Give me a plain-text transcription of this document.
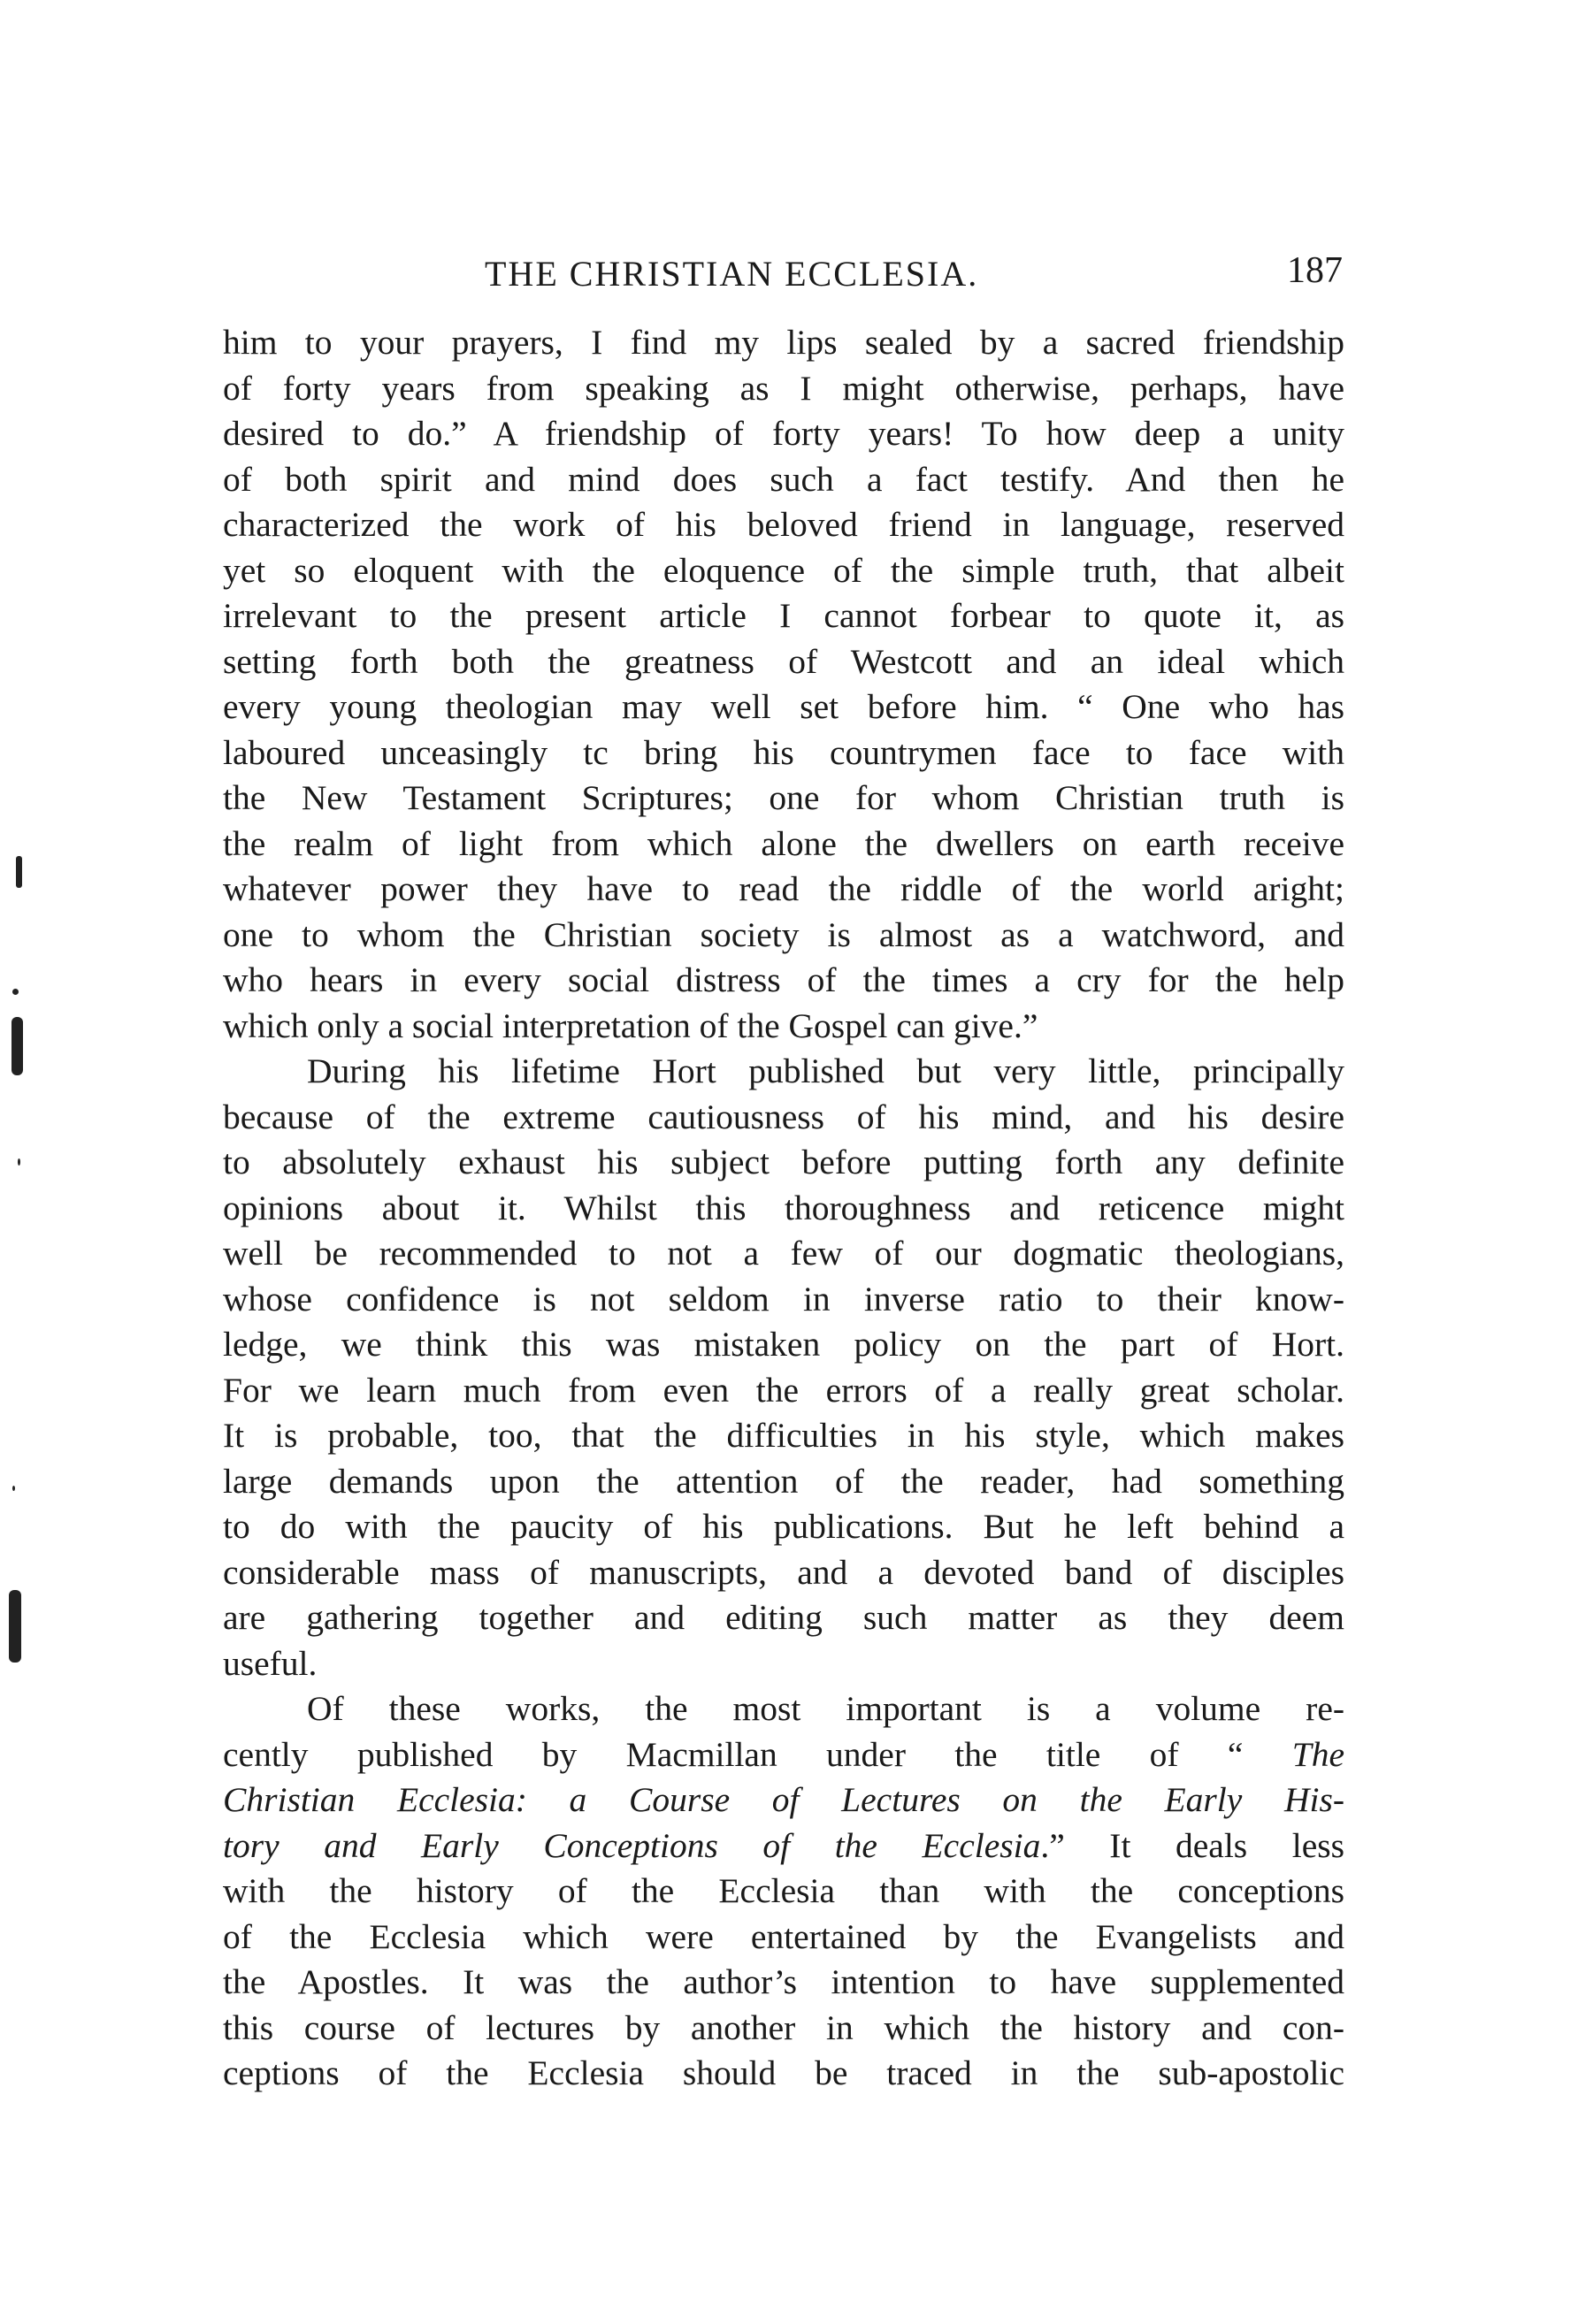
THE CHRISTIAN ECCLESIA.	187
him to your prayers, I find my lips sealed by a sacred friendship
of forty years from speaking as I might otherwise, perhaps, have
desired to do.” A friendship of forty years! To how deep a unity
of both spirit and mind does such a fact testify. And then he
characterized the work of his beloved friend in language, reserved
yet so eloquent with the eloquence of the simple truth, that albeit
irrelevant to the present article I cannot forbear to quote it, as
setting forth both the greatness of Westcott and an ideal which
every young theologian may well set before him. “ One who has
laboured unceasingly tc bring his countrymen face to face with
the New Testament Scriptures; one for whom Christian truth is
the realm of light from which alone the dwellers on earth receive
whatever power they have to read the riddle of the world aright;
one to whom the Christian society is almost as a watchword, and
who hears in every social distress of the times a cry for the help
which only a social interpretation of the Gospel can give.”
During his lifetime Hort published but very little, principally
because of the extreme cautiousness of his mind, and his desire
to absolutely exhaust his subject before putting forth any definite
opinions about it. Whilst this thoroughness and reticence might
well be recommended to not a few of our dogmatic theologians,
whose confidence is not seldom in inverse ratio to their know-
ledge, we think this was mistaken policy on the part of Hort.
For we learn much from even the errors of a really great scholar.
It is probable, too, that the difficulties in his style, which makes
large demands upon the attention of the reader, had something
to do with the paucity of his publications. But he left behind a
considerable mass of manuscripts, and a devoted band of disciples
are gathering together and editing such matter as they deem
useful.
Of these works, the most important is a volume re-
cently published by Macmillan under the title of “ The
Christian Ecclesia: a Course of Lectures on the Early His-
tory and Early Conceptions of the Ecclesia.” It deals less
with the history of the Ecclesia than with the conceptions
of the Ecclesia which were entertained by the Evangelists and
the Apostles. It was the author’s intention to have supplemented
this course of lectures by another in which the history and con-
ceptions of the Ecclesia should be traced in the sub-apostolic
